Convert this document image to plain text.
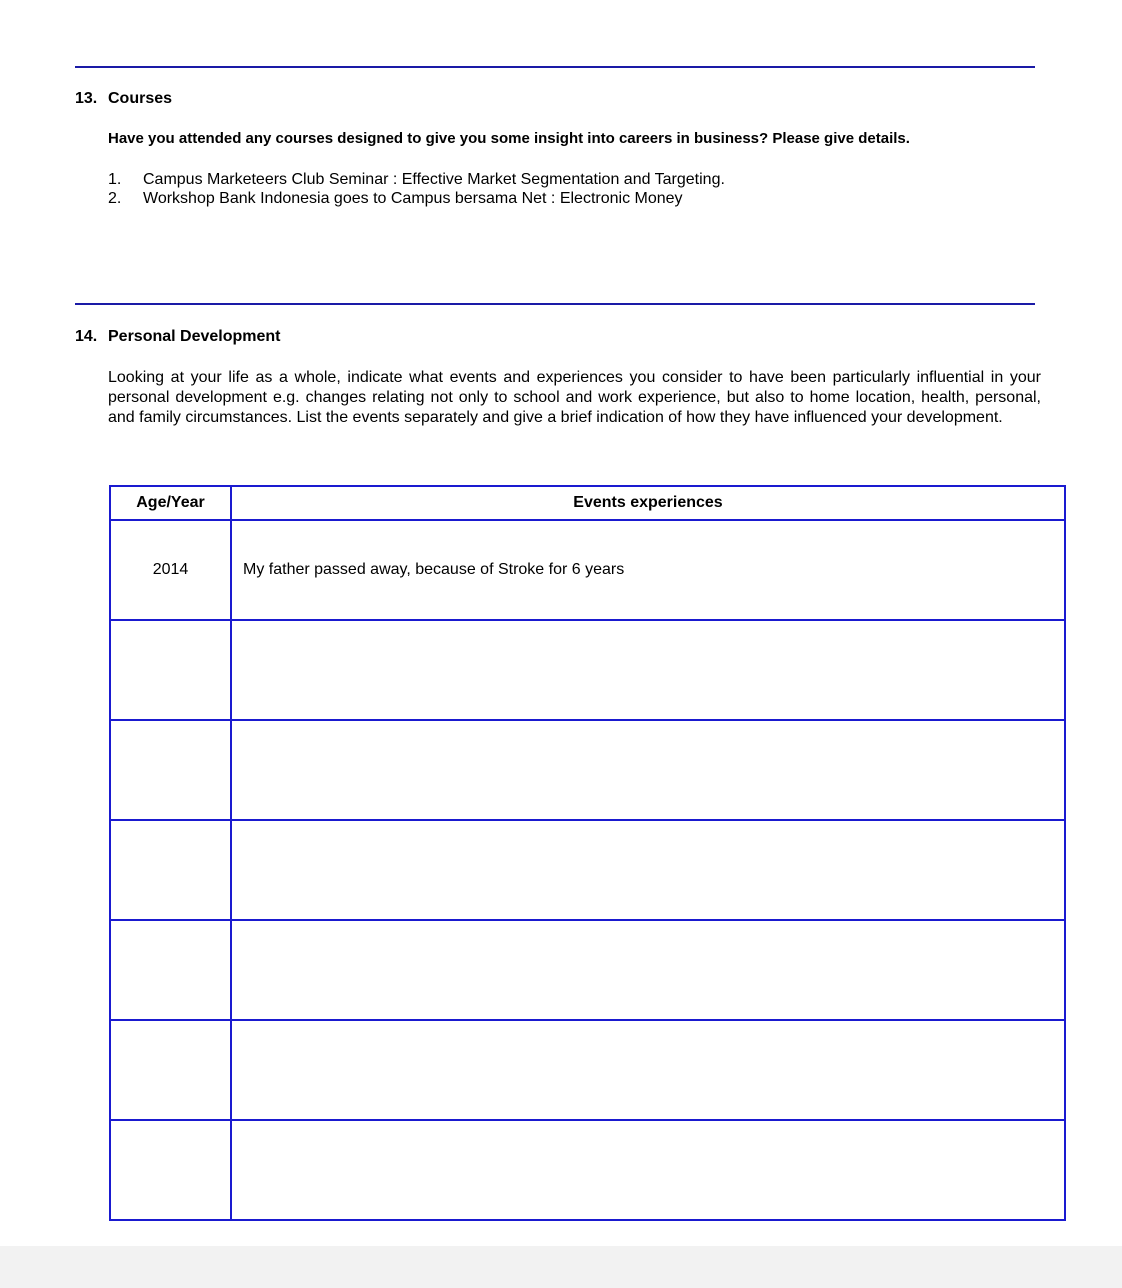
13. Courses
Have you attended any courses designed to give you some insight into careers in business? Please give details.
1. Campus Marketeers Club Seminar : Effective Market Segmentation and Targeting.
2. Workshop Bank Indonesia goes to Campus bersama Net : Electronic Money
14. Personal Development
Looking at your life as a whole, indicate what events and experiences you consider to have been particularly influential in your personal development e.g. changes relating not only to school and work experience, but also to home location, health, personal, and family circumstances. List the events separately and give a brief indication of how they have influenced your development.
Age/Year	Events experiences
2014	My father passed away, because of Stroke for 6 years
